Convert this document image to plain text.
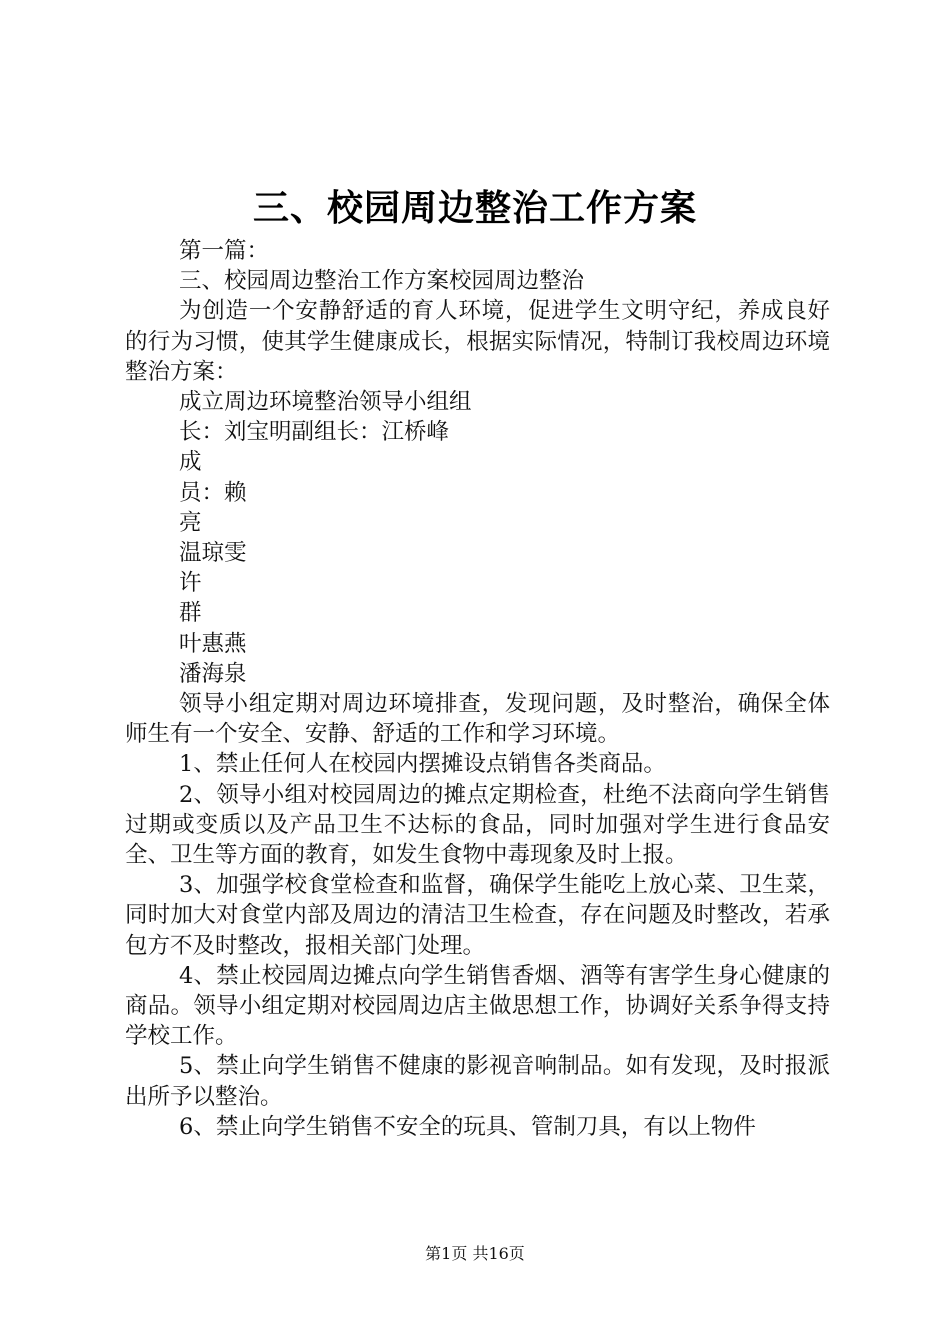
三、校园周边整治工作方案

第一篇：

三、校园周边整治工作方案校园周边整治

为创造一个安静舒适的育人环境，促进学生文明守纪，养成良好的行为习惯，使其学生健康成长，根据实际情况，特制订我校周边环境整治方案：

成立周边环境整治领导小组组

长：刘宝明副组长：江桥峰

成

员：赖

亮

温琼雯

许

群

叶惠燕

潘海泉

领导小组定期对周边环境排查，发现问题，及时整治，确保全体师生有一个安全、安静、舒适的工作和学习环境。

1、禁止任何人在校园内摆摊设点销售各类商品。

2、领导小组对校园周边的摊点定期检查，杜绝不法商向学生销售过期或变质以及产品卫生不达标的食品，同时加强对学生进行食品安全、卫生等方面的教育，如发生食物中毒现象及时上报。

3、加强学校食堂检查和监督，确保学生能吃上放心菜、卫生菜，同时加大对食堂内部及周边的清洁卫生检查，存在问题及时整改，若承包方不及时整改，报相关部门处理。

4、禁止校园周边摊点向学生销售香烟、酒等有害学生身心健康的商品。领导小组定期对校园周边店主做思想工作，协调好关系争得支持学校工作。

5、禁止向学生销售不健康的影视音响制品。如有发现，及时报派出所予以整治。

6、禁止向学生销售不安全的玩具、管制刀具，有以上物件

第1页 共16页
